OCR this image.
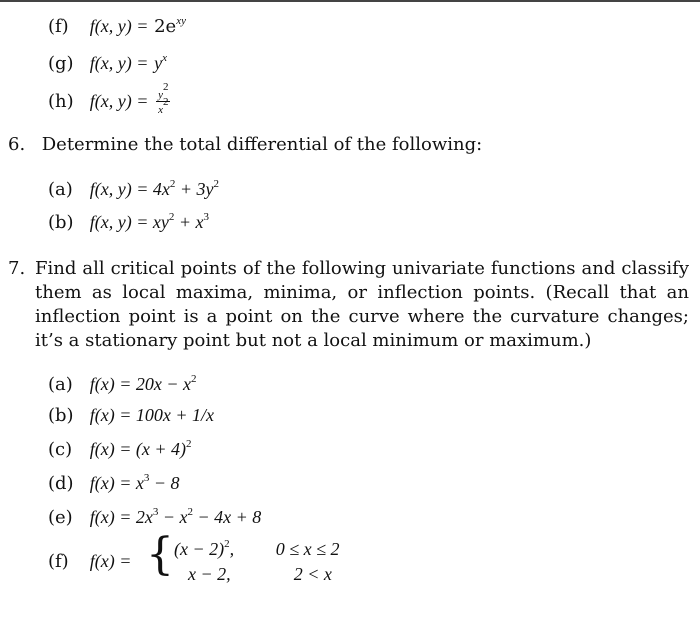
(f) f(x, $y) = 2e^{xy}$
(g) f(x, $y) = y^x$
(h) f(x, $y) = \frac{y^2}{x^2}$
6. Determine the total differential of the following:
(a) f(x, $y) = 4x^2 + 3y^2$
(b) f(x, $y) = xy^2 + x^3$
7. Find all critical points of the following univariate functions and classify them as local maxima, minima, or inflection points. (Recall that an inflection point is a point on the curve where the curvature changes; it’s a stationary point but not a local minimum or maximum.)
(a) $f(x) = 20x - x^2$
(b) f(x) = 100x + 1/x
(c) $f(x) = (x + 4)^2$
(d) $f(x) = x^3 - 8$
(e) $f(x) = 2x^3 - x^2 - 4x + 8$
(f) f(x) = { $(x - 2)^2$, 0 ≤ x ≤ 2
x − 2,	2 < x
